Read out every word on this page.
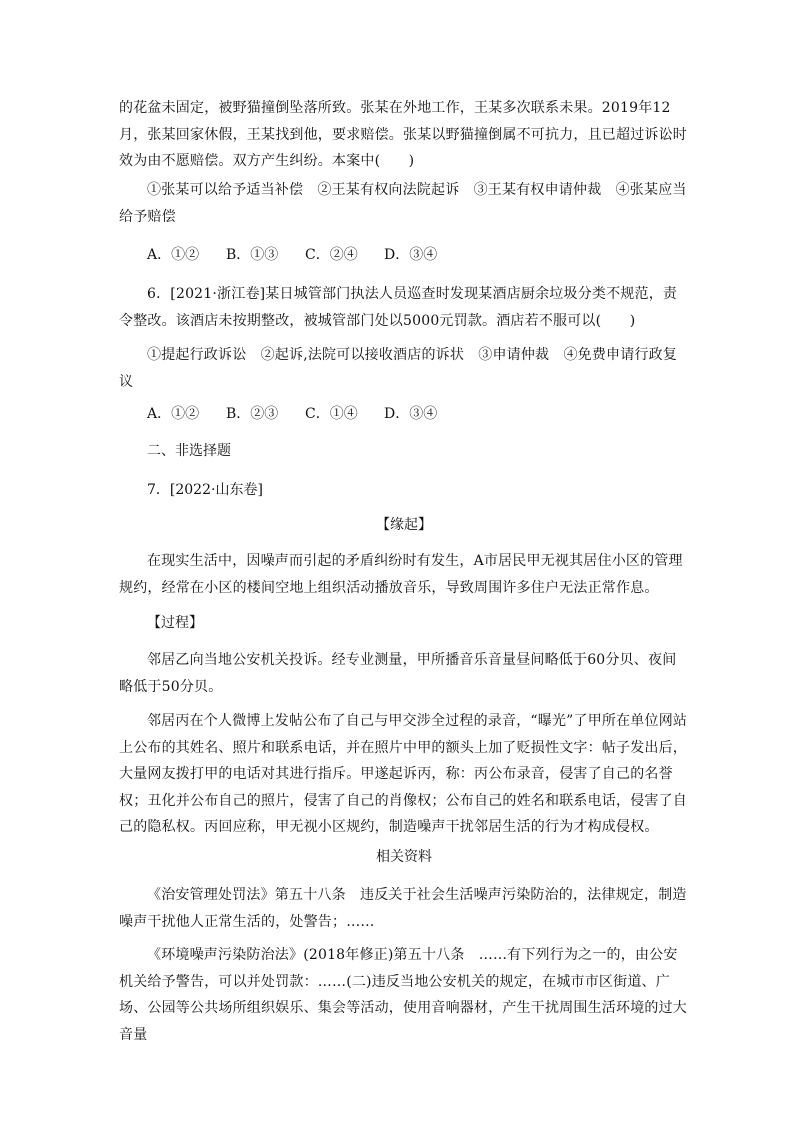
的花盆未固定，被野猫撞倒坠落所致。张某在外地工作，王某多次联系未果。2019年12月，张某回家休假，王某找到他，要求赔偿。张某以野猫撞倒属不可抗力，且已超过诉讼时效为由不愿赔偿。双方产生纠纷。本案中(　　)

①张某可以给予适当补偿　②王某有权向法院起诉　③王某有权申请仲裁　④张某应当给予赔偿

A．①②	B．①③	C．②④	D．③④

6．[2021·浙江卷]某日城管部门执法人员巡查时发现某酒店厨余垃圾分类不规范，责令整改。该酒店未按期整改，被城管部门处以5000元罚款。酒店若不服可以(　　)

①提起行政诉讼　②起诉,法院可以接收酒店的诉状　③申请仲裁　④免费申请行政复议

A．①②	B．②③	C．①④	D．③④

二、非选择题

7．[2022·山东卷]

【缘起】

在现实生活中，因噪声而引起的矛盾纠纷时有发生，A市居民甲无视其居住小区的管理规约，经常在小区的楼间空地上组织活动播放音乐，导致周围许多住户无法正常作息。

【过程】

邻居乙向当地公安机关投诉。经专业测量，甲所播音乐音量昼间略低于60分贝、夜间略低于50分贝。

邻居丙在个人微博上发帖公布了自己与甲交涉全过程的录音，“曝光”了甲所在单位网站上公布的其姓名、照片和联系电话，并在照片中甲的额头上加了贬损性文字：帖子发出后，大量网友拨打甲的电话对其进行指斥。甲遂起诉丙，称：丙公布录音，侵害了自己的名誉权；丑化并公布自己的照片，侵害了自己的肖像权；公布自己的姓名和联系电话，侵害了自己的隐私权。丙回应称，甲无视小区规约，制造噪声干扰邻居生活的行为才构成侵权。

相关资料

《治安管理处罚法》第五十八条　违反关于社会生活噪声污染防治的，法律规定，制造噪声干扰他人正常生活的，处警告；……

《环境噪声污染防治法》(2018年修正)第五十八条　……有下列行为之一的，由公安机关给予警告，可以并处罚款：……(二)违反当地公安机关的规定，在城市市区街道、广场、公园等公共场所组织娱乐、集会等活动，使用音响器材，产生干扰周围生活环境的过大音量
